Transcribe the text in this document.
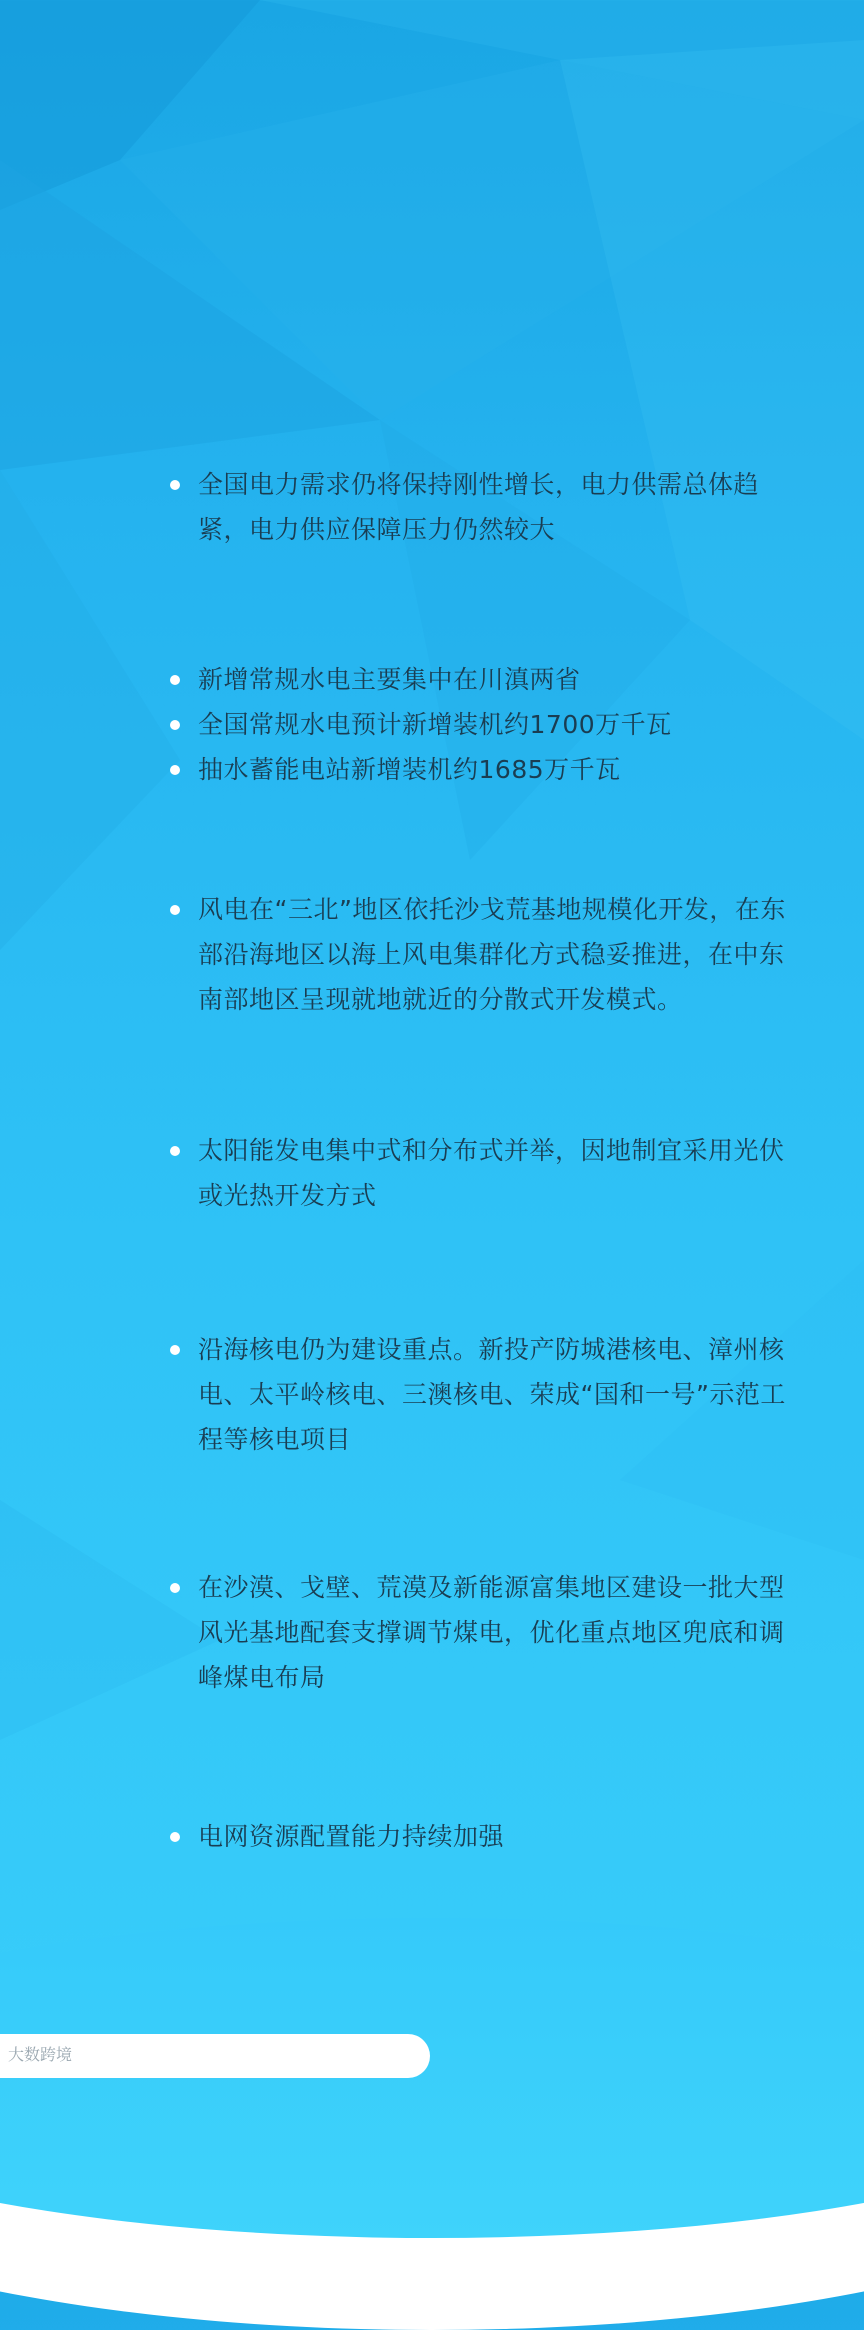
全国电力需求仍将保持刚性增长，电力供需总体趋紧，电力供应保障压力仍然较大
新增常规水电主要集中在川滇两省
全国常规水电预计新增装机约1700万千瓦
抽水蓄能电站新增装机约1685万千瓦
风电在“三北”地区依托沙戈荒基地规模化开发，在东部沿海地区以海上风电集群化方式稳妥推进，在中东南部地区呈现就地就近的分散式开发模式。
太阳能发电集中式和分布式并举，因地制宜采用光伏或光热开发方式
沿海核电仍为建设重点。新投产防城港核电、漳州核电、太平岭核电、三澳核电、荣成“国和一号”示范工程等核电项目
在沙漠、戈壁、荒漠及新能源富集地区建设一批大型风光基地配套支撑调节煤电，优化重点地区兜底和调峰煤电布局
电网资源配置能力持续加强
大数跨境
